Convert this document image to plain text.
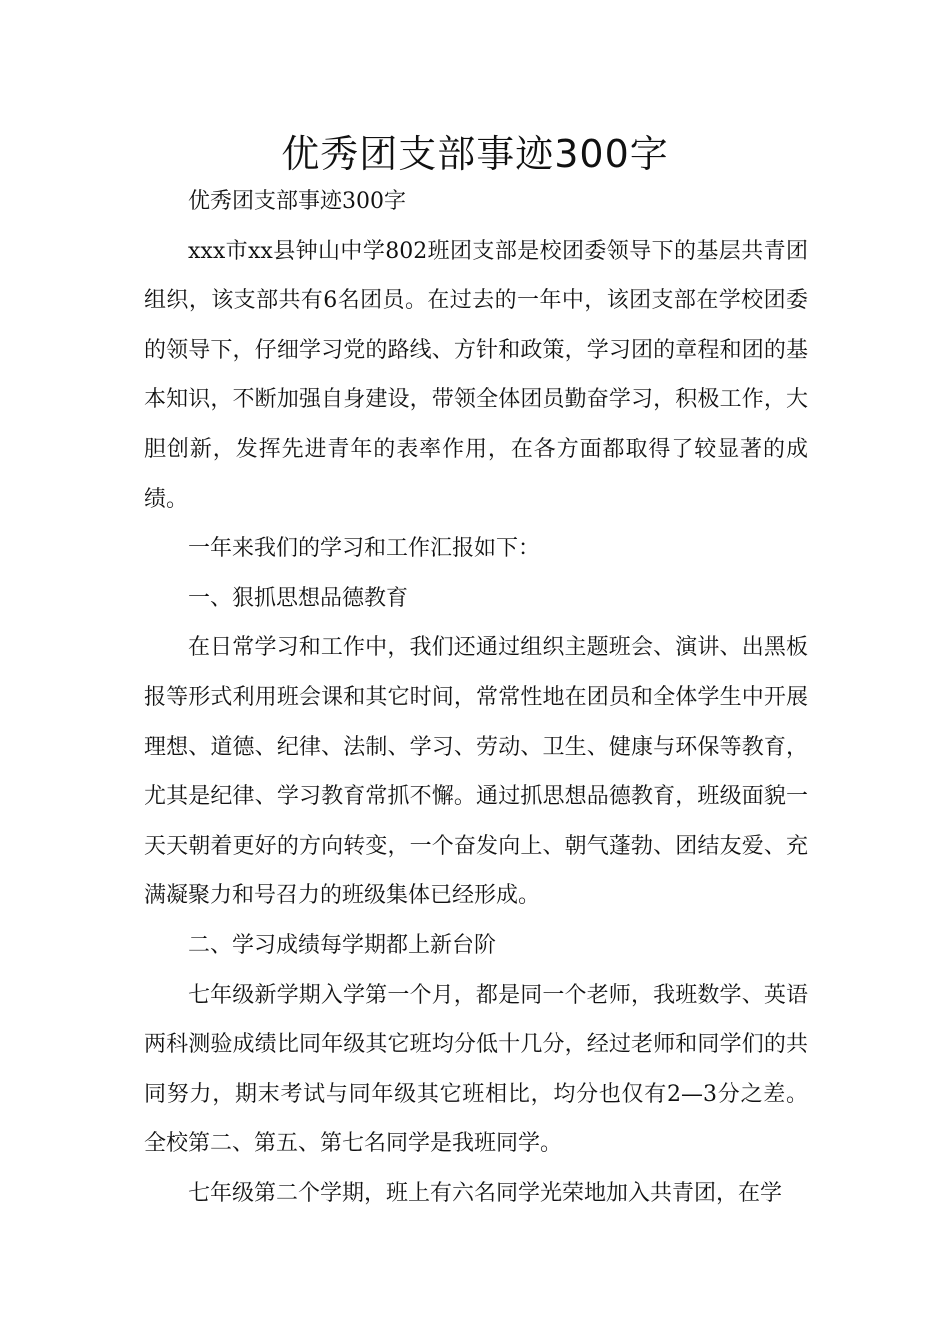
优秀团支部事迹300字

优秀团支部事迹300字

xxx市xx县钟山中学802班团支部是校团委领导下的基层共青团组织，该支部共有6名团员。在过去的一年中，该团支部在学校团委的领导下，仔细学习党的路线、方针和政策，学习团的章程和团的基本知识，不断加强自身建设，带领全体团员勤奋学习，积极工作，大胆创新，发挥先进青年的表率作用，在各方面都取得了较显著的成绩。

一年来我们的学习和工作汇报如下：

一、狠抓思想品德教育

在日常学习和工作中，我们还通过组织主题班会、演讲、出黑板报等形式利用班会课和其它时间，常常性地在团员和全体学生中开展理想、道德、纪律、法制、学习、劳动、卫生、健康与环保等教育，尤其是纪律、学习教育常抓不懈。通过抓思想品德教育，班级面貌一天天朝着更好的方向转变，一个奋发向上、朝气蓬勃、团结友爱、充满凝聚力和号召力的班级集体已经形成。

二、学习成绩每学期都上新台阶

七年级新学期入学第一个月，都是同一个老师，我班数学、英语两科测验成绩比同年级其它班均分低十几分，经过老师和同学们的共同努力，期末考试与同年级其它班相比，均分也仅有2—3分之差。全校第二、第五、第七名同学是我班同学。

七年级第二个学期，班上有六名同学光荣地加入共青团，在学
